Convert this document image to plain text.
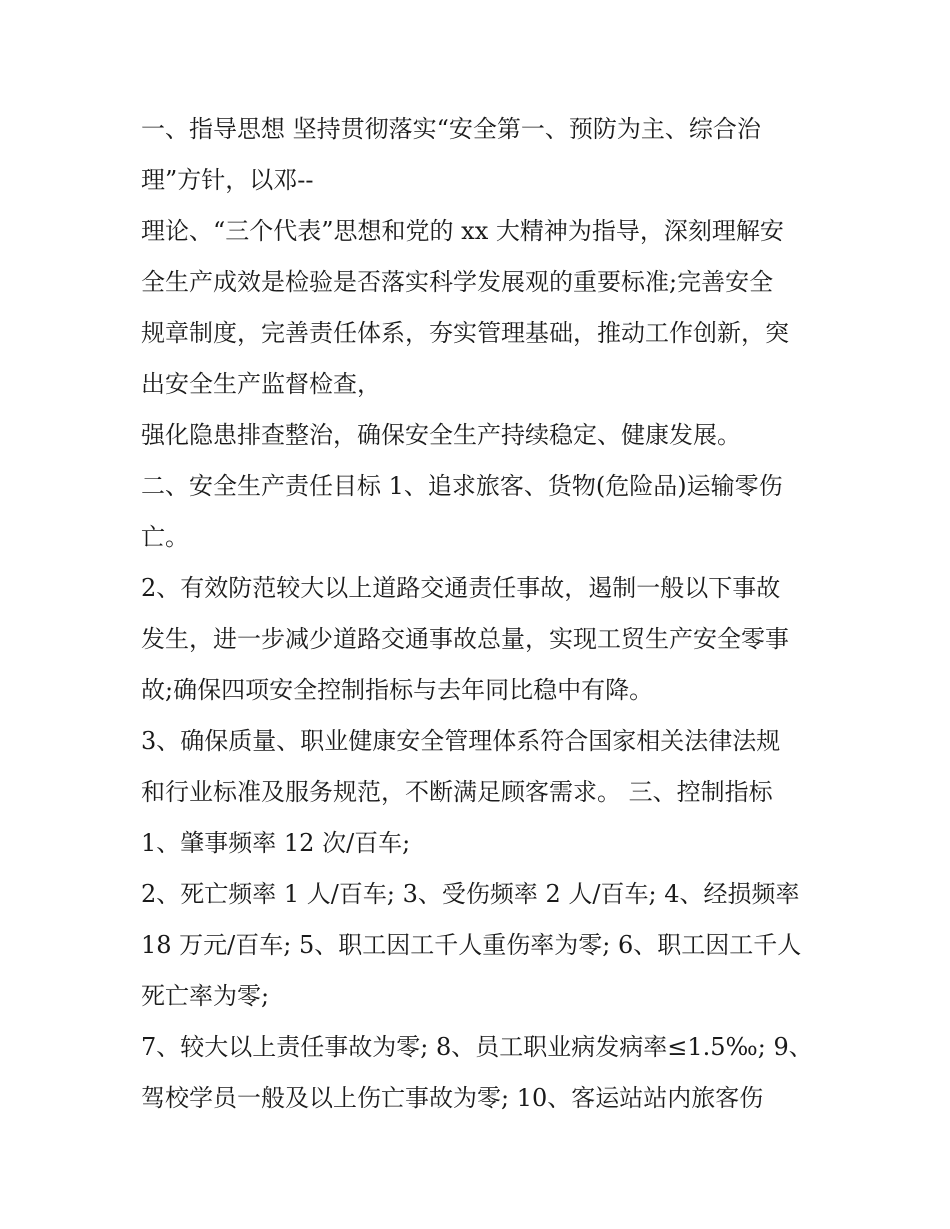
一、指导思想 坚持贯彻落实“安全第一、预防为主、综合治
理”方针，以邓--
理论、“三个代表”思想和党的 xx 大精神为指导，深刻理解安
全生产成效是检验是否落实科学发展观的重要标准;完善安全
规章制度，完善责任体系，夯实管理基础，推动工作创新，突
出安全生产监督检查，
强化隐患排查整治，确保安全生产持续稳定、健康发展。
二、安全生产责任目标 1、追求旅客、货物(危险品)运输零伤
亡。
2、有效防范较大以上道路交通责任事故，遏制一般以下事故
发生，进一步减少道路交通事故总量，实现工贸生产安全零事
故;确保四项安全控制指标与去年同比稳中有降。
3、确保质量、职业健康安全管理体系符合国家相关法律法规
和行业标准及服务规范，不断满足顾客需求。 三、控制指标
1、肇事频率 12 次/百车;
2、死亡频率 1 人/百车; 3、受伤频率 2 人/百车; 4、经损频率
18 万元/百车; 5、职工因工千人重伤率为零; 6、职工因工千人
死亡率为零;
7、较大以上责任事故为零; 8、员工职业病发病率≤1.5‰; 9、
驾校学员一般及以上伤亡事故为零; 10、客运站站内旅客伤
